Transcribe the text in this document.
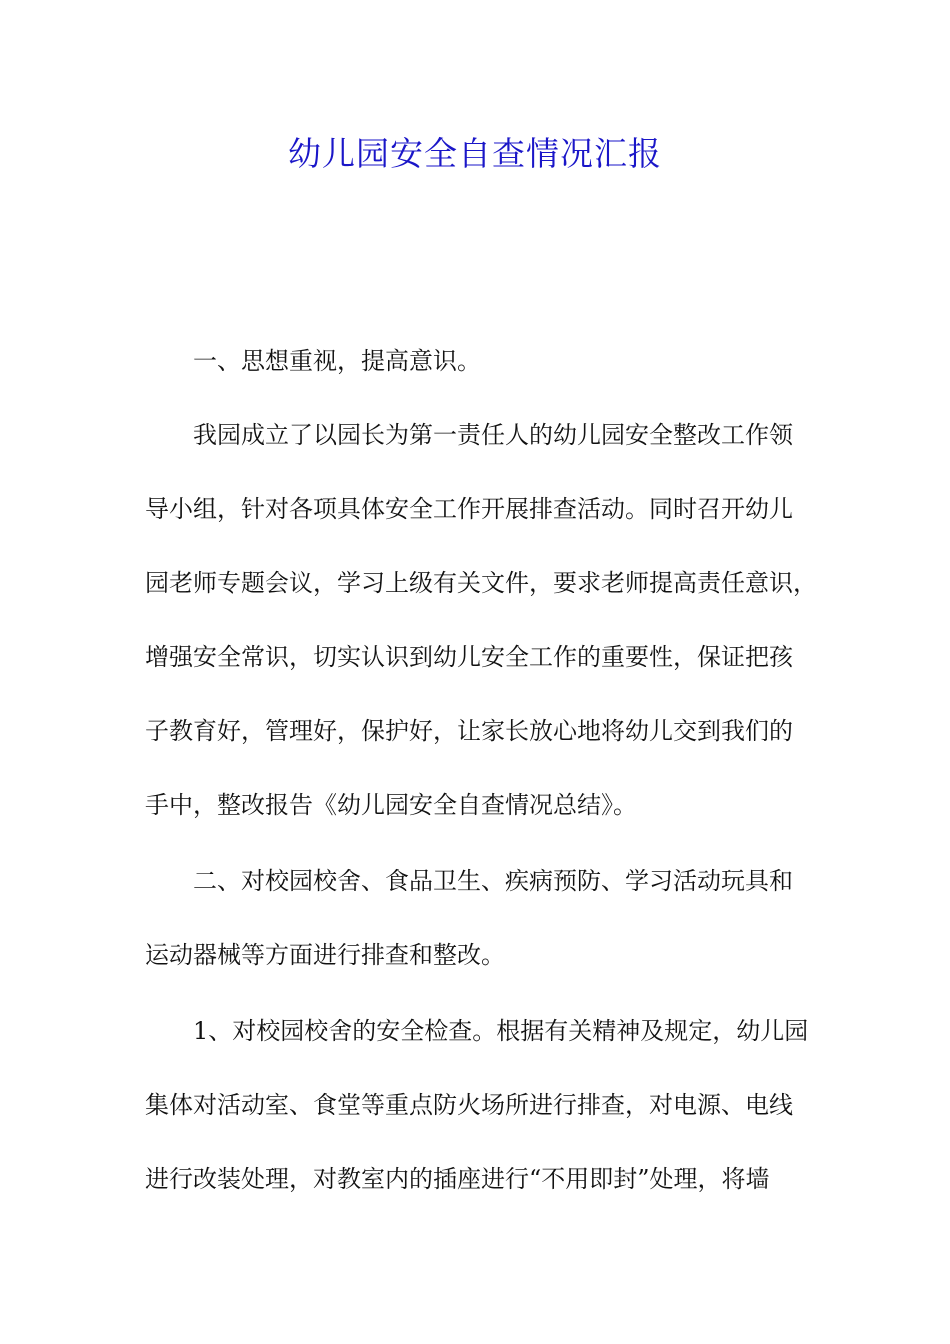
幼儿园安全自查情况汇报
一、思想重视，提高意识。
我园成立了以园长为第一责任人的幼儿园安全整改工作领
导小组，针对各项具体安全工作开展排查活动。同时召开幼儿
园老师专题会议，学习上级有关文件，要求老师提高责任意识，
增强安全常识，切实认识到幼儿安全工作的重要性，保证把孩
子教育好，管理好，保护好，让家长放心地将幼儿交到我们的
手中，整改报告《幼儿园安全自查情况总结》。
二、对校园校舍、食品卫生、疾病预防、学习活动玩具和
运动器械等方面进行排查和整改。
1、对校园校舍的安全检查。根据有关精神及规定，幼儿园
集体对活动室、食堂等重点防火场所进行排查，对电源、电线
进行改装处理，对教室内的插座进行“不用即封”处理，将墙
